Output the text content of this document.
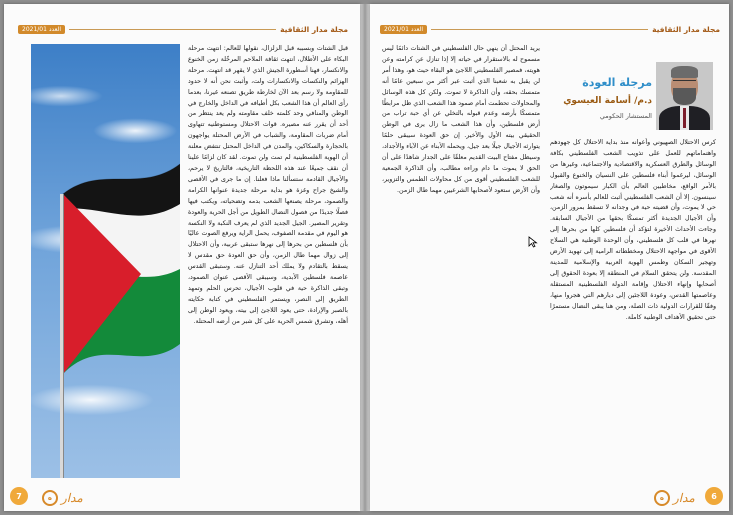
العدد 2021/01	مجلة مدار الثقافية
قبل الشتات وبسببه قبل الزلزال، نقولها للعالم: انتهت مرحلة البكاء على الأطلال، انتهت ثقافة الملاحم المرحّلة زمن الخنوع والانكسار، فهنا أسطورة الجيش الذي لا يقهر قد انتهت. مرحلة الهزائم والنكسات والانكسارات ولت، وأثبت نحن أنه لا حدود للمقاومة ولا رسم بعد الآن لخارطة طريق تصنعه غيرنا، بعدما رأى العالم أن هذا الشعب بكل أطيافه في الداخل والخارج في الوطن والمنافي وحد كلمته خلف مقاومته ولم يعد ينتظر من أحد أن يقرر عنه مصيره. قوات الاحتلال ومستوطنيه تتهاوى أمام ضربات المقاومة، والشباب في الأرض المحتلة يواجهون بالحجارة والسكاكين، والمدن في الداخل المحتل تنتفض معلنة أن الهوية الفلسطينية لم تمت ولن تموت. لقد كان لزامًا علينا أن نقف جميعًا عند هذه اللحظة التاريخية، فالتاريخ لا يرحم، والأجيال القادمة ستسألنا ماذا فعلنا. إن ما جرى في الأقصى والشيخ جراح وغزة هو بداية مرحلة جديدة عنوانها الكرامة والصمود، مرحلة يصنعها الشعب بدمه وتضحياته، ويكتب فيها فصلًا جديدًا من فصول النضال الطويل من أجل الحرية والعودة وتقرير المصير. الجيل الجديد الذي لم يعرف النكبة ولا النكسة هو اليوم في مقدمة الصفوف، يحمل الراية ويرفع الصوت عاليًا بأن فلسطين من بحرها إلى نهرها ستبقى عربية، وأن الاحتلال إلى زوال مهما طال الزمن، وأن حق العودة حق مقدس لا يسقط بالتقادم ولا يملك أحد التنازل عنه. وستبقى القدس عاصمة فلسطين الأبدية، وسيبقى الأقصى عنوان الصمود، وتبقى الذاكرة حية في قلوب الأجيال، تحرس الحلم وتمهد الطريق إلى النصر، ويستمر الفلسطيني في كتابة حكايته بالصبر والإرادة، حتى يعود اللاجئ إلى بيته، ويعود الوطن إلى أهله، وتشرق شمس الحرية على كل شبر من أرضه المحتلة.
ه مدار
7
العدد 2021/01	مجلة مدار الثقافية
يريد المحتل أن ينهي حال الفلسطيني في الشتات دائمًا ليس مسموح له بالاستقرار في حياته إلا إذا تنازل عن كرامته وعن هويته، فمصير الفلسطيني اللاجئ هو البقاء حيث هو، وهذا أمر لن يقبل به شعبنا الذي أثبت عبر أكثر من سبعين عامًا أنه متمسك بحقه، وأن الذاكرة لا تموت. ولكن كل هذه الوسائل والمحاولات تحطمت أمام صمود هذا الشعب الذي ظل مرابطًا متمسكًا بأرضه وعدم قبوله بالتخلي عن أي حبة تراب من أرض فلسطين، وأن هذا الشعب ما زال يرى في الوطن الحقيقي بيته الأول والأخير. إن حق العودة سيبقى حلمًا يتوارثه الأجيال جيلًا بعد جيل، ويحمله الأبناء عن الآباء والأجداد، وسيظل مفتاح البيت القديم معلقًا على الجدار شاهدًا على أن الحق لا يموت ما دام وراءه مطالب، وأن الذاكرة الجمعية للشعب الفلسطيني أقوى من كل محاولات الطمس والتزوير، وأن الأرض ستعود لأصحابها الشرعيين مهما طال الزمن.
مرجلة العودة
د.م/ أسامة العيسوي
المستشار الحكومي
كرس الاحتلال الصهيوني وأعوانه منذ بداية الاحتلال كل جهودهم واهتماماتهم للعمل على تذويب الشعب الفلسطيني بكافة الوسائل والطرق العسكرية والاقتصادية والاجتماعية، وغيرها من الوسائل، ليرغموا أبناء فلسطين على النسيان والخنوع والقبول بالأمر الواقع، مخاطبين العالم بأن الكبار سيموتون والصغار سينسون. إلا أن الشعب الفلسطيني أثبت للعالم بأسره أنه شعب حي لا يموت، وأن قضيته حية في وجدانه لا تسقط بمرور الزمن، وأن الأجيال الجديدة أكثر تمسكًا بحقها من الأجيال السابقة. وجاءت الأحداث الأخيرة لتؤكد أن فلسطين كلها من بحرها إلى نهرها في قلب كل فلسطيني، وأن الوحدة الوطنية هي السلاح الأقوى في مواجهة الاحتلال ومخططاته الرامية إلى تهويد الأرض وتهجير السكان وطمس الهوية العربية والإسلامية للمدينة المقدسة. ولن يتحقق السلام في المنطقة إلا بعودة الحقوق إلى أصحابها وإنهاء الاحتلال وإقامة الدولة الفلسطينية المستقلة وعاصمتها القدس، وعودة اللاجئين إلى ديارهم التي هجروا منها، وفقًا للقرارات الدولية ذات الصلة، ومن هنا يبقى النضال مستمرًا حتى تحقيق الأهداف الوطنية كاملة.
ه مدار	6
